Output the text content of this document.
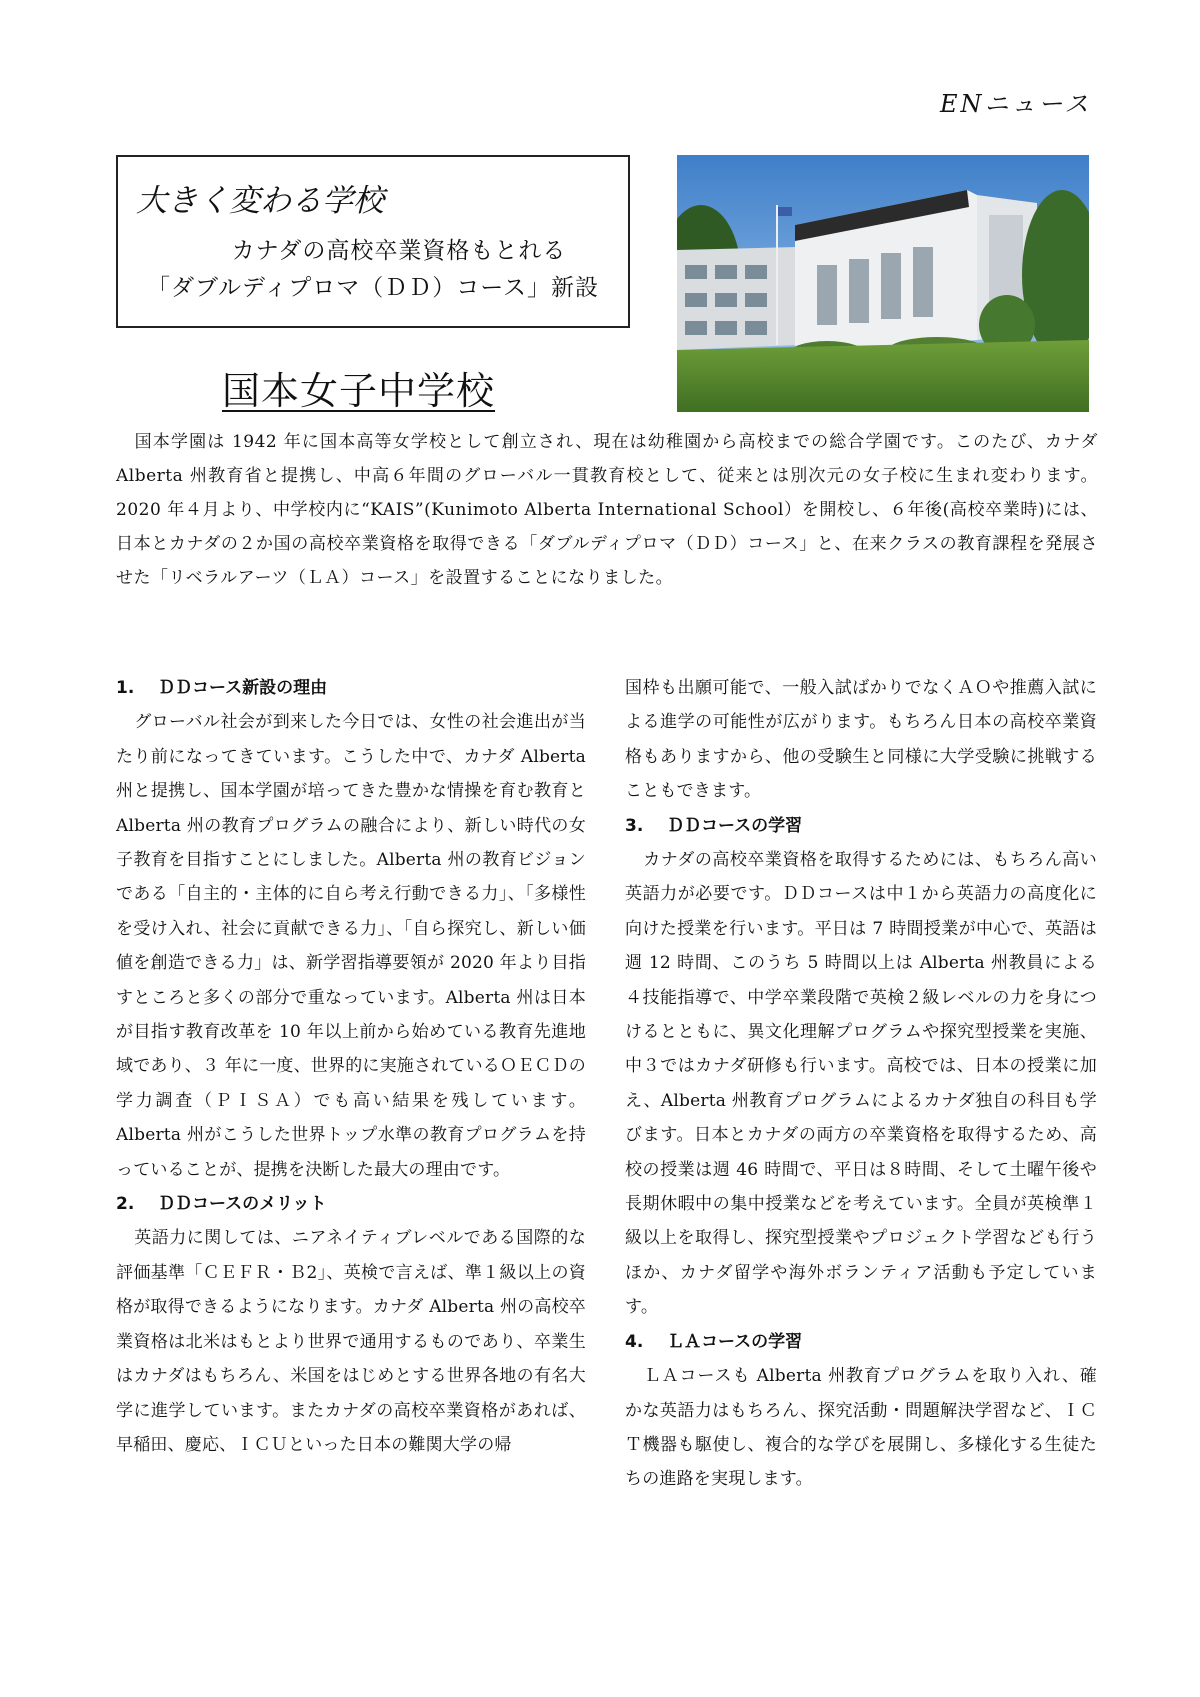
ENニュース
大きく変わる学校
カナダの高校卒業資格もとれる
「ダブルディプロマ（ＤＤ）コース」新設
国本女子中学校

国本学園は 1942 年に国本高等女学校として創立され、現在は幼稚園から高校までの総合学園です。このたび、カナダ Alberta 州教育省と提携し、中高６年間のグローバル一貫教育校として、従来とは別次元の女子校に生まれ変わります。2020 年４月より、中学校内に“KAIS”(Kunimoto Alberta International School）を開校し、６年後(高校卒業時)には、日本とカナダの２か国の高校卒業資格を取得できる「ダブルディプロマ（ＤＤ）コース」と、在来クラスの教育課程を発展させた「リベラルアーツ（ＬＡ）コース」を設置することになりました。

1. ＤＤコース新設の理由

グローバル社会が到来した今日では、女性の社会進出が当たり前になってきています。こうした中で、カナダ Alberta 州と提携し、国本学園が培ってきた豊かな情操を育む教育と Alberta 州の教育プログラムの融合により、新しい時代の女子教育を目指すことにしました。Alberta 州の教育ビジョンである「自主的・主体的に自ら考え行動できる力」、「多様性を受け入れ、社会に貢献できる力」、「自ら探究し、新しい価値を創造できる力」は、新学習指導要領が 2020 年より目指すところと多くの部分で重なっています。Alberta 州は日本が目指す教育改革を 10 年以上前から始めている教育先進地域であり、３ 年に一度、世界的に実施されているＯＥＣＤの学力調査（ＰＩＳＡ）でも高い結果を残しています。Alberta 州がこうした世界トップ水準の教育プログラムを持っていることが、提携を決断した最大の理由です。

2. ＤＤコースのメリット

英語力に関しては、ニアネイティブレベルである国際的な評価基準「ＣＥＦＲ・Ｂ2」、英検で言えば、準１級以上の資格が取得できるようになります。カナダ Alberta 州の高校卒業資格は北米はもとより世界で通用するものであり、卒業生はカナダはもちろん、米国をはじめとする世界各地の有名大学に進学しています。またカナダの高校卒業資格があれば、早稲田、慶応、ＩＣＵといった日本の難関大学の帰

国枠も出願可能で、一般入試ばかりでなくＡＯや推薦入試による進学の可能性が広がります。もちろん日本の高校卒業資格もありますから、他の受験生と同様に大学受験に挑戦することもできます。

3. ＤＤコースの学習

カナダの高校卒業資格を取得するためには、もちろん高い英語力が必要です。ＤＤコースは中１から英語力の高度化に向けた授業を行います。平日は 7 時間授業が中心で、英語は週 12 時間、このうち 5 時間以上は Alberta 州教員による４技能指導で、中学卒業段階で英検２級レベルの力を身につけるとともに、異文化理解プログラムや探究型授業を実施、中３ではカナダ研修も行います。高校では、日本の授業に加え、Alberta 州教育プログラムによるカナダ独自の科目も学びます。日本とカナダの両方の卒業資格を取得するため、高校の授業は週 46 時間で、平日は８時間、そして土曜午後や長期休暇中の集中授業などを考えています。全員が英検準１級以上を取得し、探究型授業やプロジェクト学習なども行うほか、カナダ留学や海外ボランティア活動も予定しています。

4. ＬＡコースの学習

ＬＡコースも Alberta 州教育プログラムを取り入れ、確かな英語力はもちろん、探究活動・問題解決学習など、ＩＣＴ機器も駆使し、複合的な学びを展開し、多様化する生徒たちの進路を実現します。
